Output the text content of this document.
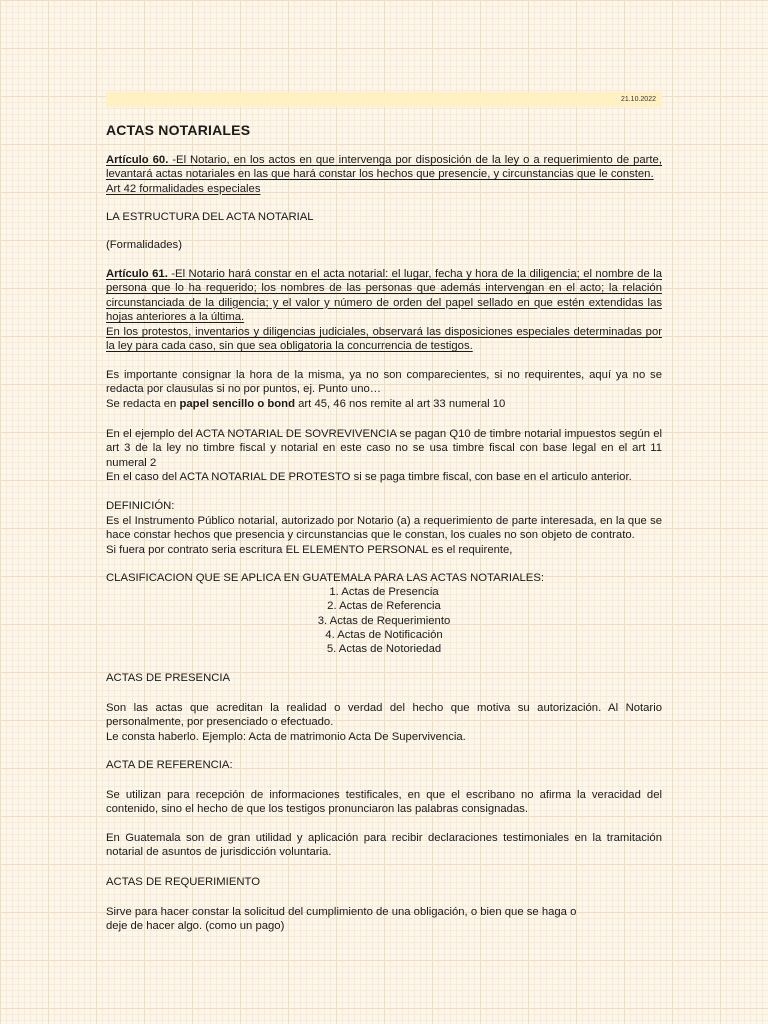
21.10.2022
ACTAS NOTARIALES

Artículo 60. -El Notario, en los actos en que intervenga por disposición de la ley o a requerimiento de parte, levantará actas notariales en las que hará constar los hechos que presencie, y circunstancias que le consten.
Art 42 formalidades especiales

LA ESTRUCTURA DEL ACTA NOTARIAL

(Formalidades)

Artículo 61. -El Notario hará constar en el acta notarial: el lugar, fecha y hora de la diligencia; el nombre de la persona que lo ha requerido; los nombres de las personas que además intervengan en el acto; la relación circunstanciada de la diligencia; y el valor y número de orden del papel sellado en que estén extendidas las hojas anteriores a la última.

En los protestos, inventarios y diligencias judiciales, observará las disposiciones especiales determinadas por la ley para cada caso, sin que sea obligatoria la concurrencia de testigos.

Es importante consignar la hora de la misma, ya no son comparecientes, si no requirentes, aquí ya no se redacta por clausulas si no por puntos, ej. Punto uno…
Se redacta en papel sencillo o bond art 45, 46 nos remite al art 33 numeral 10

En el ejemplo del ACTA NOTARIAL DE SOVREVIVENCIA se pagan Q10 de timbre notarial impuestos según el art 3 de la ley no timbre fiscal y notarial en este caso no se usa timbre fiscal con base legal en el art 11 numeral 2
En el caso del ACTA NOTARIAL DE PROTESTO si se paga timbre fiscal, con base en el articulo anterior.

DEFINICIÓN:

Es el Instrumento Público notarial, autorizado por Notario (a) a requerimiento de parte interesada, en la que se hace constar hechos que presencia y circunstancias que le constan, los cuales no son objeto de contrato.
Si fuera por contrato seria escritura EL ELEMENTO PERSONAL es el requirente,

CLASIFICACION QUE SE APLICA EN GUATEMALA PARA LAS ACTAS NOTARIALES:

1. Actas de Presencia

2. Actas de Referencia

3. Actas de Requerimiento

4. Actas de Notificación

5. Actas de Notoriedad

ACTAS DE PRESENCIA

Son las actas que acreditan la realidad o verdad del hecho que motiva su autorización. Al Notario personalmente, por presenciado o efectuado.
Le consta haberlo. Ejemplo: Acta de matrimonio Acta De Supervivencia.

ACTA DE REFERENCIA:

Se utilizan para recepción de informaciones testificales, en que el escribano no afirma la veracidad del contenido, sino el hecho de que los testigos pronunciaron las palabras consignadas.

En Guatemala son de gran utilidad y aplicación para recibir declaraciones testimoniales en la tramitación notarial de asuntos de jurisdicción voluntaria.

ACTAS DE REQUERIMIENTO

Sirve para hacer constar la solicitud del cumplimiento de una obligación, o bien que se haga o
deje de hacer algo. (como un pago)
